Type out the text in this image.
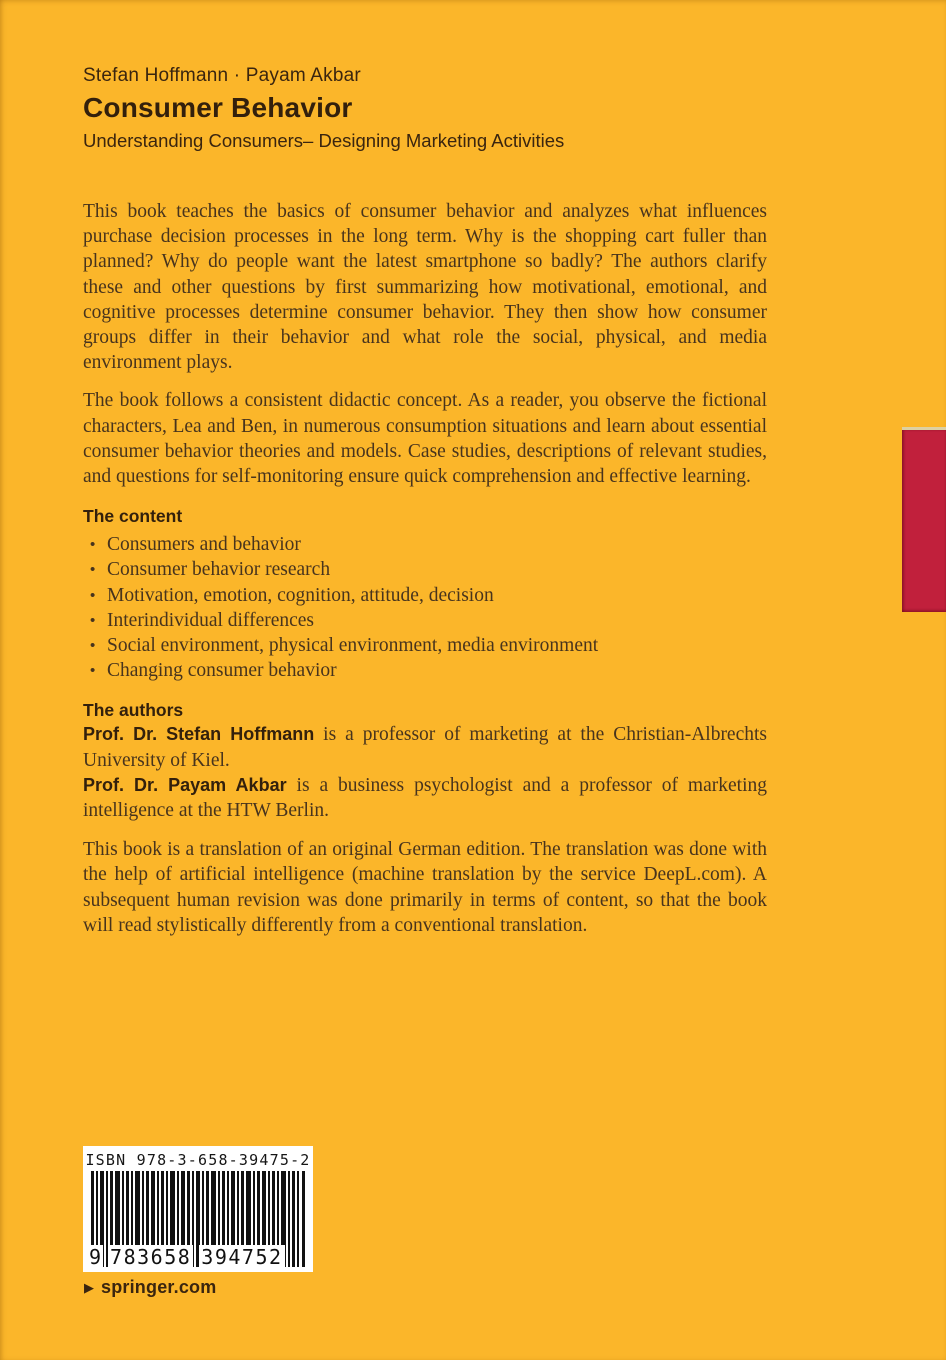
Stefan Hoffmann · Payam Akbar
Consumer Behavior
Understanding Consumers– Designing Marketing Activities

This book teaches the basics of consumer behavior and analyzes what influences purchase decision processes in the long term. Why is the shopping cart fuller than planned? Why do people want the latest smartphone so badly? The authors clarify these and other questions by first summarizing how motivational, emotional, and cognitive processes determine consumer behavior. They then show how consumer groups differ in their behavior and what role the social, physical, and media environment plays.

The book follows a consistent didactic concept. As a reader, you observe the fictional characters, Lea and Ben, in numerous consumption situations and learn about essential consumer behavior theories and models. Case studies, descriptions of relevant studies, and questions for self-monitoring ensure quick comprehension and effective learning.

The content
• Consumers and behavior
• Consumer behavior research
• Motivation, emotion, cognition, attitude, decision
• Interindividual differences
• Social environment, physical environment, media environment
• Changing consumer behavior
The authors

Prof. Dr. Stefan Hoffmann is a professor of marketing at the Christian-Albrechts University of Kiel.
Prof. Dr. Payam Akbar is a business psychologist and a professor of marketing intelligence at the HTW Berlin.

This book is a translation of an original German edition. The translation was done with the help of artificial intelligence (machine translation by the service DeepL.com). A subsequent human revision was done primarily in terms of content, so that the book will read stylistically differently from a conventional translation.

ISBN 978-3-658-39475-2
9 783658 394752
▶ springer.com
